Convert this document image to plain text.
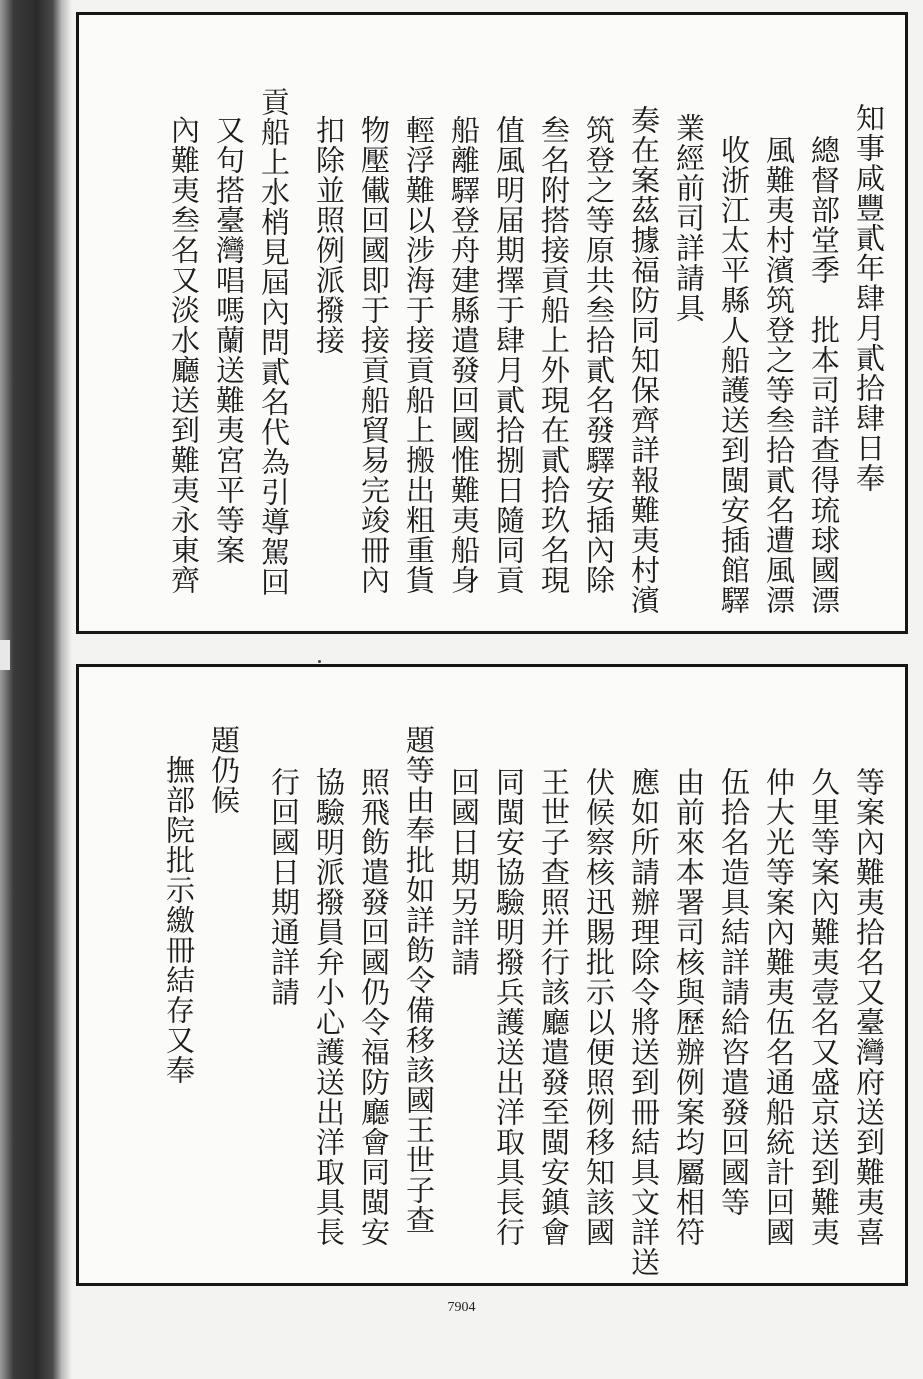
知事咸豐貳年肆月貳拾肆日奉
總督部堂季　批本司詳查得琉球國漂
風難夷村濱筑登之等叁拾貳名遭風漂
收浙江太平縣人船護送到閩安插館驛
業經前司詳請具
奏在案茲據福防同知保齊詳報難夷村濱
筑登之等原共叁拾貳名發驛安插內除
叁名附搭接貢船上外現在貳拾玖名現
值風明届期擇于肆月貳拾捌日隨同貢
船離驛登舟建縣遣發回國惟難夷船身
輕浮難以涉海于接貢船上搬出粗重貨
物壓儎回國即于接貢船貿易完竣冊內
扣除並照例派撥接
貢船上水梢見屆內問貳名代為引導駕回
又句搭臺灣唱嗎蘭送難夷宮平等案
內難夷叁名又淡水廳送到難夷永東齊
等案內難夷拾名又臺灣府送到難夷喜
久里等案內難夷壹名又盛京送到難夷
仲大光等案內難夷伍名通船統計回國
伍拾名造具結詳請給咨遣發回國等
由前來本署司核與歷辦例案均屬相符
應如所請辦理除令將送到冊結具文詳送
伏候察核迅賜批示以便照例移知該國
王世子查照并行該廳遣發至閩安鎮會
同閩安協驗明撥兵護送出洋取具長行
回國日期另詳請
題等由奉批如詳飭令備移該國王世子查
照飛飭遣發回國仍令福防廳會同閩安
協驗明派撥員弁小心護送出洋取具長
行回國日期通詳請
題仍候
撫部院批示繳冊結存又奉
7904
